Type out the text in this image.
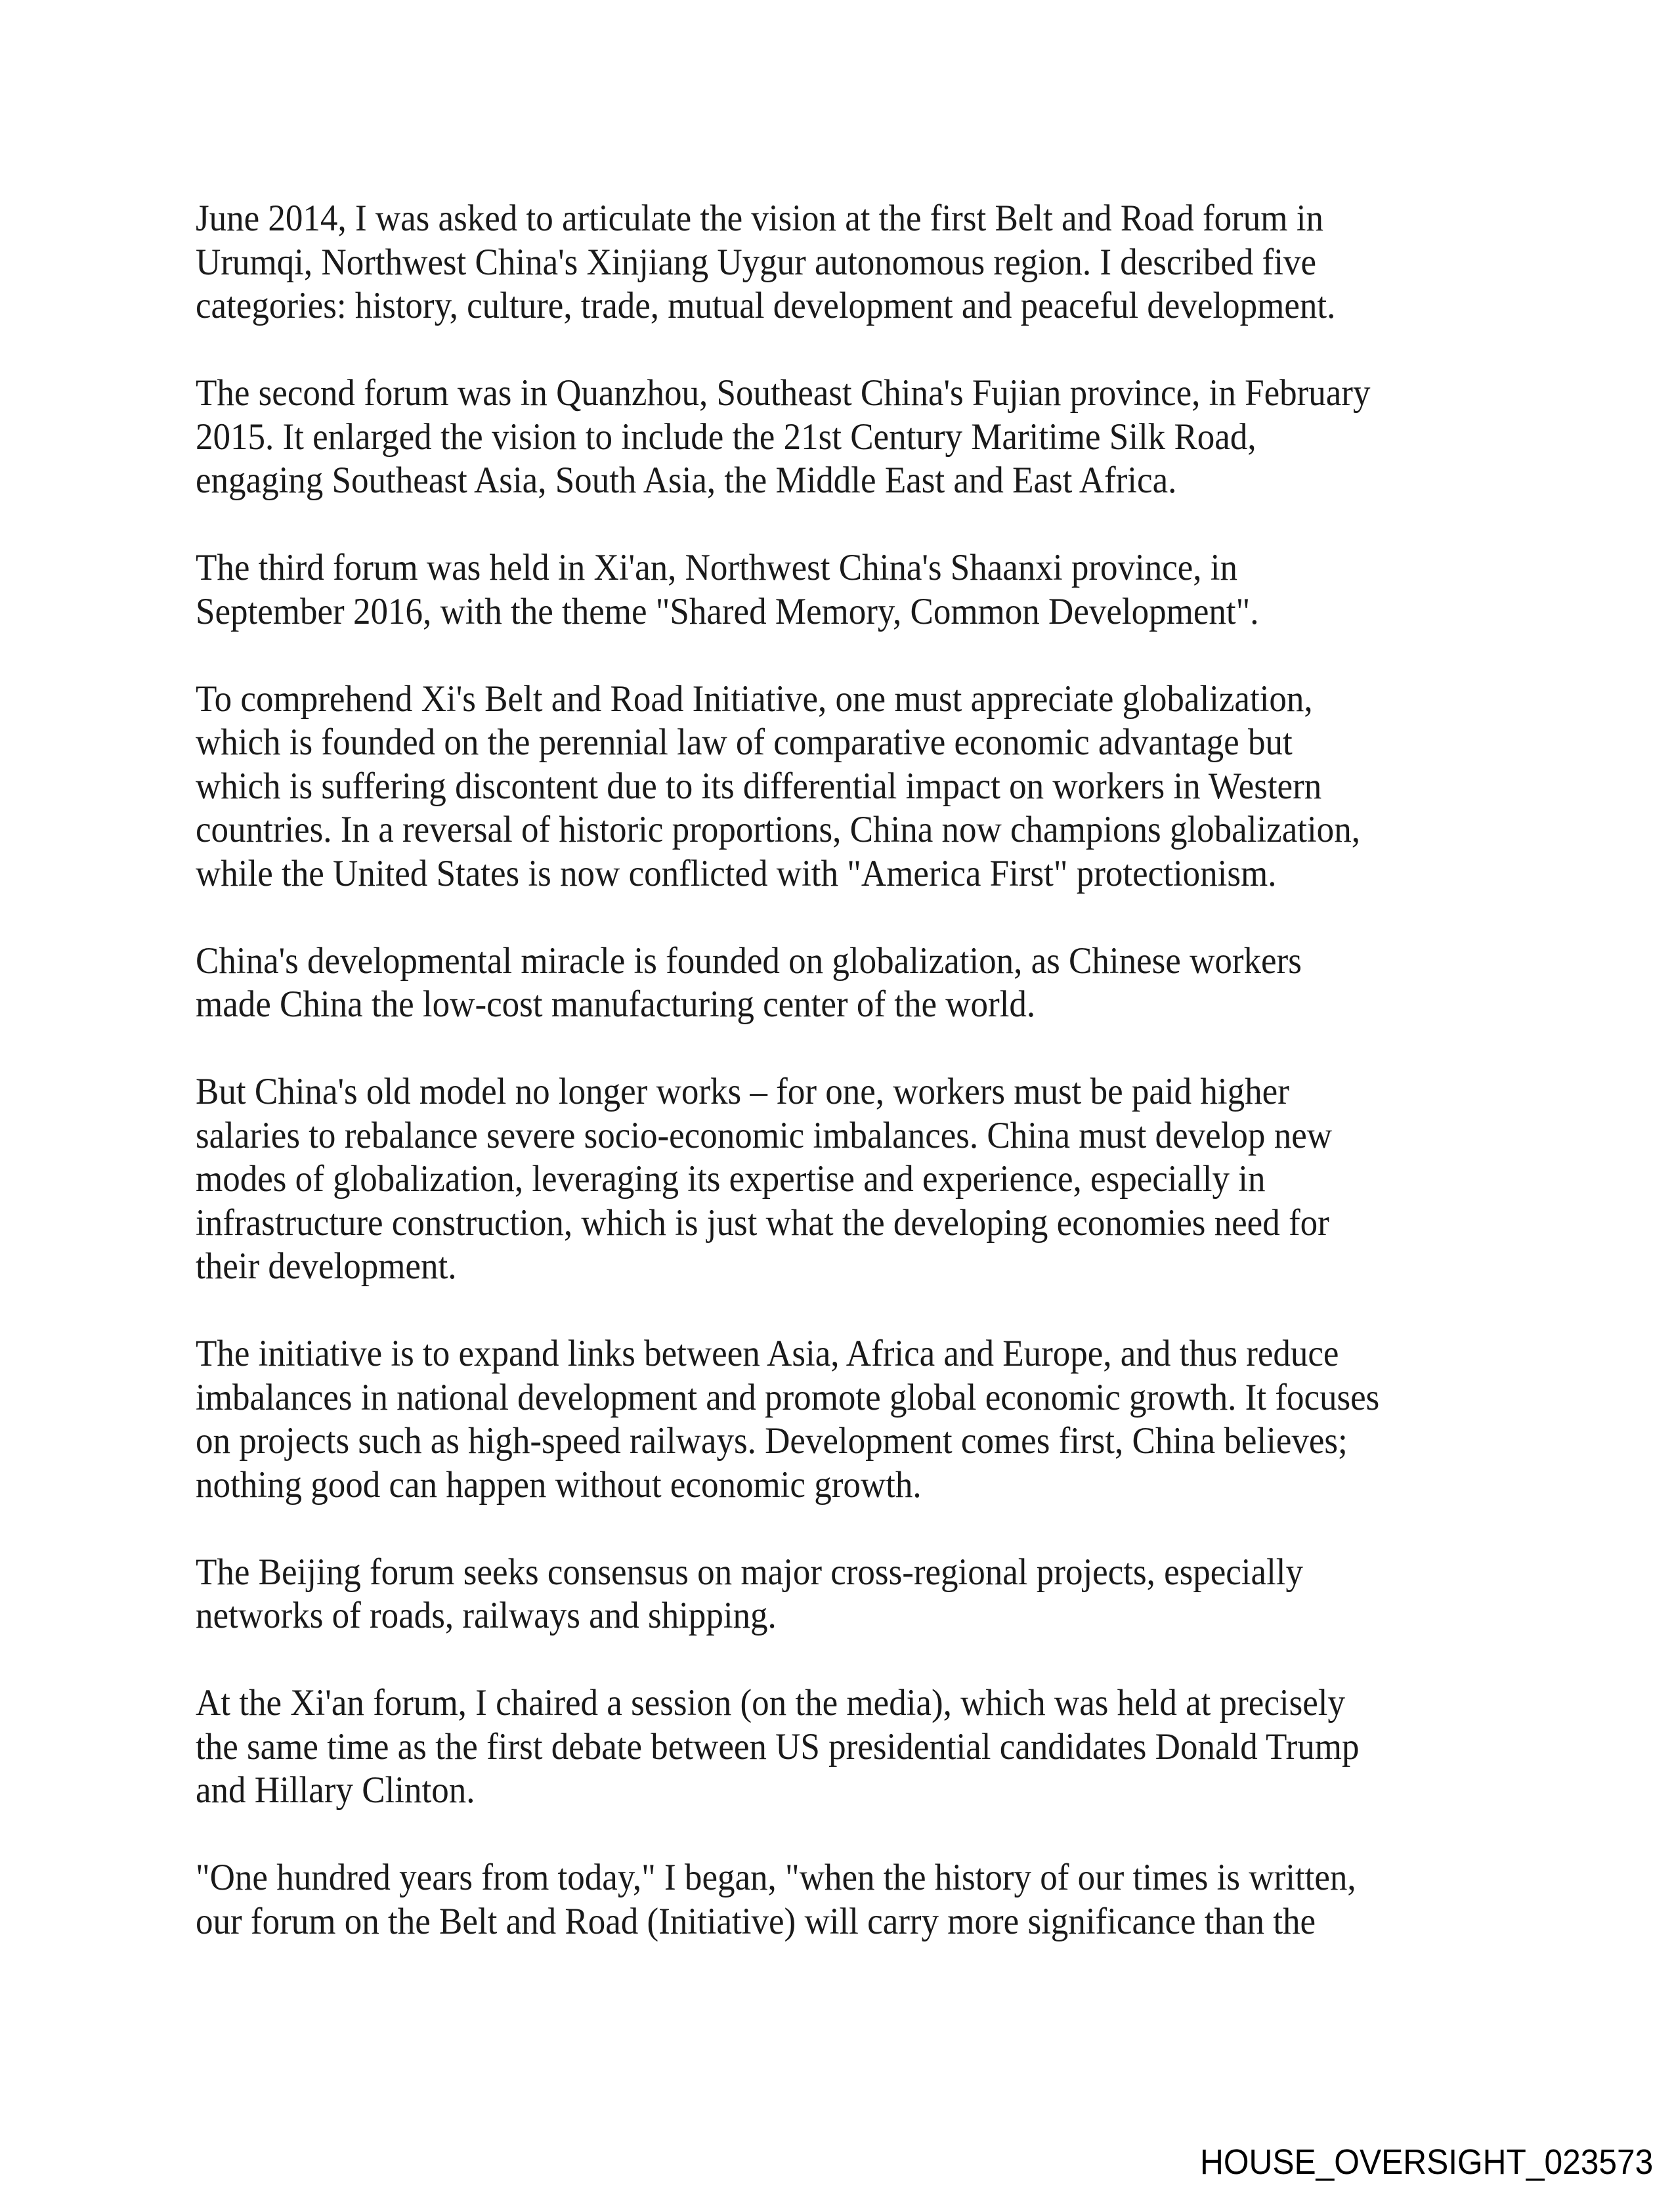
June 2014, I was asked to articulate the vision at the first Belt and Road forum in
Urumqi, Northwest China's Xinjiang Uygur autonomous region. I described five
categories: history, culture, trade, mutual development and peaceful development.
The second forum was in Quanzhou, Southeast China's Fujian province, in February
2015. It enlarged the vision to include the 21st Century Maritime Silk Road,
engaging Southeast Asia, South Asia, the Middle East and East Africa.
The third forum was held in Xi'an, Northwest China's Shaanxi province, in
September 2016, with the theme "Shared Memory, Common Development".
To comprehend Xi's Belt and Road Initiative, one must appreciate globalization,
which is founded on the perennial law of comparative economic advantage but
which is suffering discontent due to its differential impact on workers in Western
countries. In a reversal of historic proportions, China now champions globalization,
while the United States is now conflicted with "America First" protectionism.
China's developmental miracle is founded on globalization, as Chinese workers
made China the low-cost manufacturing center of the world.
But China's old model no longer works – for one, workers must be paid higher
salaries to rebalance severe socio-economic imbalances. China must develop new
modes of globalization, leveraging its expertise and experience, especially in
infrastructure construction, which is just what the developing economies need for
their development.
The initiative is to expand links between Asia, Africa and Europe, and thus reduce
imbalances in national development and promote global economic growth. It focuses
on projects such as high-speed railways. Development comes first, China believes;
nothing good can happen without economic growth.
The Beijing forum seeks consensus on major cross-regional projects, especially
networks of roads, railways and shipping.
At the Xi'an forum, I chaired a session (on the media), which was held at precisely
the same time as the first debate between US presidential candidates Donald Trump
and Hillary Clinton.
"One hundred years from today," I began, "when the history of our times is written,
our forum on the Belt and Road (Initiative) will carry more significance than the
HOUSE_OVERSIGHT_023573
